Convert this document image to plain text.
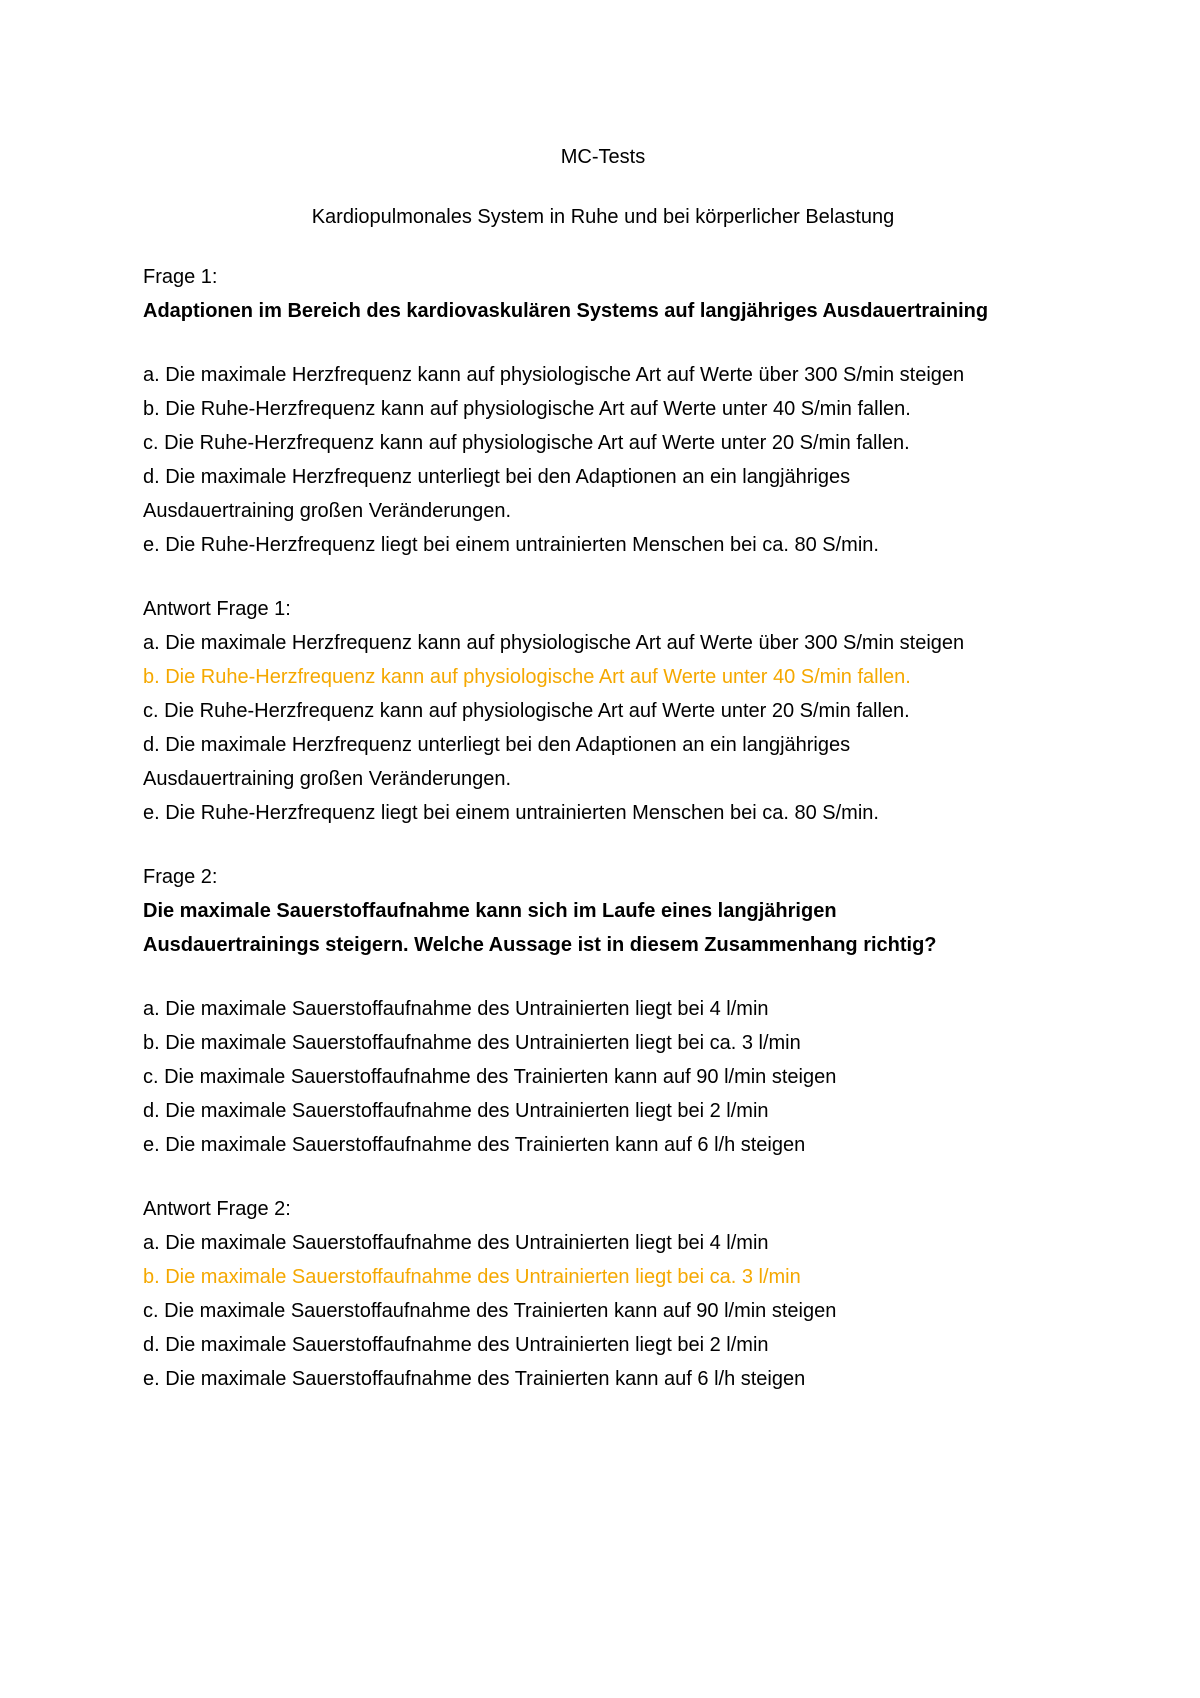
MC-Tests

Kardiopulmonales System in Ruhe und bei körperlicher Belastung

Frage 1:

Adaptionen im Bereich des kardiovaskulären Systems auf langjähriges Ausdauertraining

a. Die maximale Herzfrequenz kann auf physiologische Art auf Werte über 300 S/min steigen
b. Die Ruhe-Herzfrequenz kann auf physiologische Art auf Werte unter 40 S/min fallen.
c. Die Ruhe-Herzfrequenz kann auf physiologische Art auf Werte unter 20 S/min fallen.
d. Die maximale Herzfrequenz unterliegt bei den Adaptionen an ein langjähriges
Ausdauertraining großen Veränderungen.
e. Die Ruhe-Herzfrequenz liegt bei einem untrainierten Menschen bei ca. 80 S/min.

Antwort Frage 1:

a. Die maximale Herzfrequenz kann auf physiologische Art auf Werte über 300 S/min steigen
b. Die Ruhe-Herzfrequenz kann auf physiologische Art auf Werte unter 40 S/min fallen.
c. Die Ruhe-Herzfrequenz kann auf physiologische Art auf Werte unter 20 S/min fallen.
d. Die maximale Herzfrequenz unterliegt bei den Adaptionen an ein langjähriges
Ausdauertraining großen Veränderungen.
e. Die Ruhe-Herzfrequenz liegt bei einem untrainierten Menschen bei ca. 80 S/min.

Frage 2:

Die maximale Sauerstoffaufnahme kann sich im Laufe eines langjährigen

Ausdauertrainings steigern. Welche Aussage ist in diesem Zusammenhang richtig?

a. Die maximale Sauerstoffaufnahme des Untrainierten liegt bei 4 l/min
b. Die maximale Sauerstoffaufnahme des Untrainierten liegt bei ca. 3 l/min
c. Die maximale Sauerstoffaufnahme des Trainierten kann auf 90 l/min steigen
d. Die maximale Sauerstoffaufnahme des Untrainierten liegt bei 2 l/min
e. Die maximale Sauerstoffaufnahme des Trainierten kann auf 6 l/h steigen

Antwort Frage 2:

a. Die maximale Sauerstoffaufnahme des Untrainierten liegt bei 4 l/min
b. Die maximale Sauerstoffaufnahme des Untrainierten liegt bei ca. 3 l/min
c. Die maximale Sauerstoffaufnahme des Trainierten kann auf 90 l/min steigen
d. Die maximale Sauerstoffaufnahme des Untrainierten liegt bei 2 l/min
e. Die maximale Sauerstoffaufnahme des Trainierten kann auf 6 l/h steigen
